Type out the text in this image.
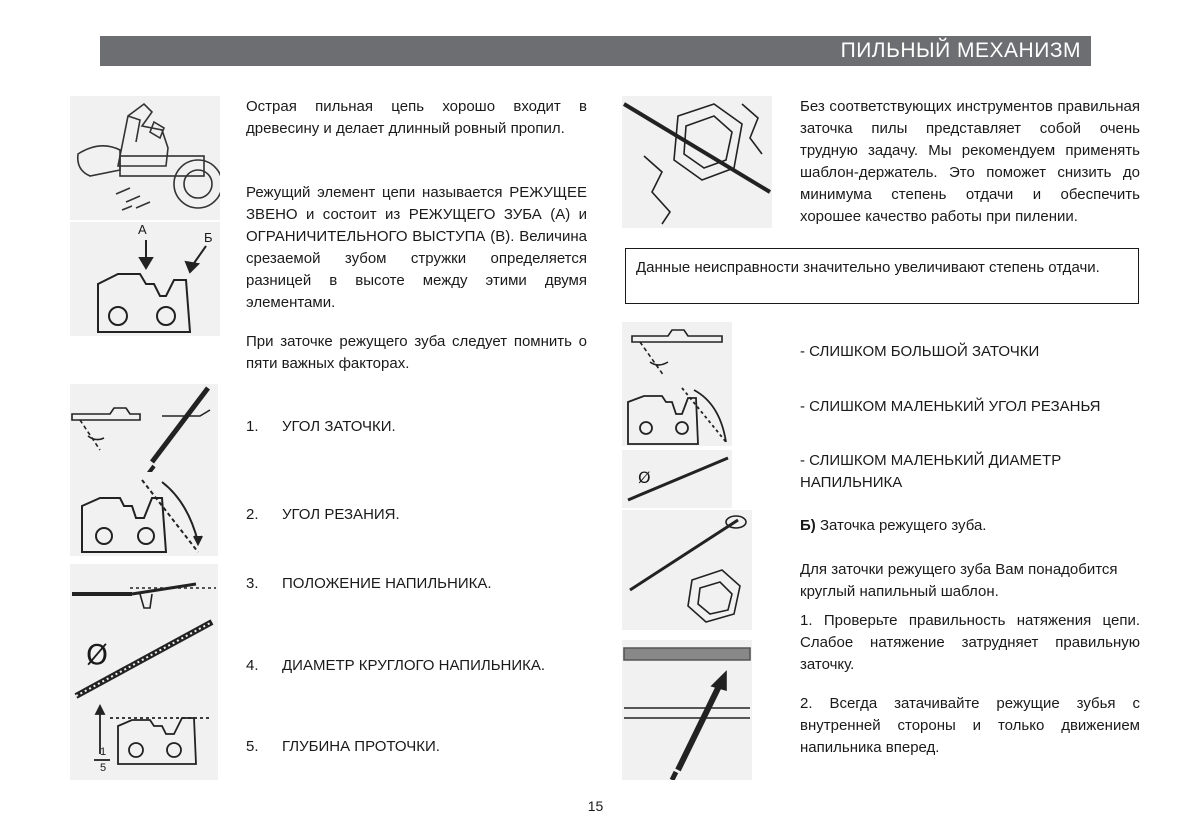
ПИЛЬНЫЙ МЕХАНИЗМ
Острая пильная цепь хорошо входит в древесину и делает длинный ровный пропил.
Режущий элемент цепи называется РЕЖУЩЕЕ ЗВЕНО и состоит из РЕЖУЩЕГО ЗУБА (А) и ОГРАНИЧИТЕЛЬНОГО ВЫСТУПА (В). Величина срезаемой зубом стружки определяется разницей в высоте между этими двумя элементами.
При заточке режущего зуба следует помнить о пяти важных факторах.
1. УГОЛ ЗАТОЧКИ.
2. УГОЛ РЕЗАНИЯ.
3. ПОЛОЖЕНИЕ НАПИЛЬНИКА.
4. ДИАМЕТР КРУГЛОГО НАПИЛЬНИКА.
5. ГЛУБИНА ПРОТОЧКИ.
А
Б
Ø
1
5
Без соответствующих инструментов правильная заточка пилы представляет собой очень трудную задачу. Мы рекомендуем применять шаблон-держатель. Это поможет снизить до минимума степень отдачи и обеспечить хорошее качество работы при пилении.
Данные неисправности значительно увеличивают степень отдачи.
Ø
- СЛИШКОМ БОЛЬШОЙ ЗАТОЧКИ
- СЛИШКОМ МАЛЕНЬКИЙ УГОЛ РЕЗАНЬЯ
- СЛИШКОМ МАЛЕНЬКИЙ ДИАМЕТР НАПИЛЬНИКА
Б) Заточка режущего зуба.
Для заточки режущего зуба Вам понадобится круглый напильный шаблон.
1. Проверьте правильность натяжения цепи. Слабое натяжение затрудняет правильную заточку.
2. Всегда затачивайте режущие зубья с внутренней стороны и только движением напильника вперед.
15
